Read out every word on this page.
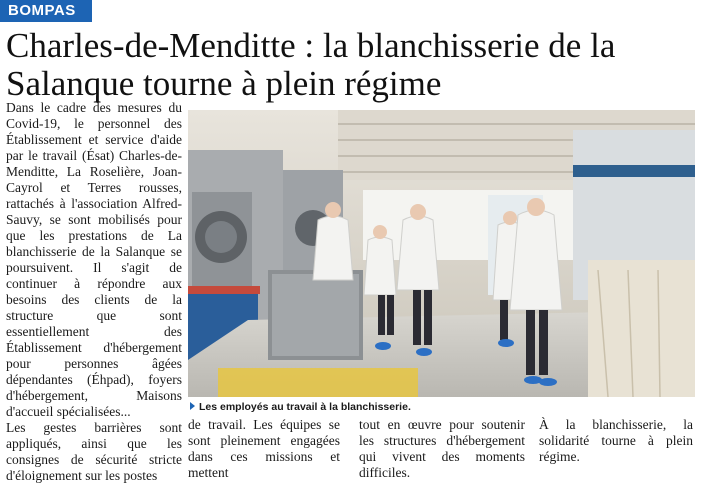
BOMPAS
Charles-de-Menditte : la blanchisserie de la Salanque tourne à plein régime

Dans le cadre des mesures du Covid-19, le personnel des Établissement et service d'aide par le travail (Ésat) Charles-de-Menditte, La Roselière, Joan-Cayrol et Terres rousses, rattachés à l'association Alfred-Sauvy, se sont mobilisés pour que les prestations de La blanchisserie de la Salanque se poursuivent. Il s'agit de continuer à répondre aux besoins des clients de la structure que sont essentiellement des Établissement d'hébergement pour personnes âgées dépendantes (Éhpad), foyers d'hébergement, Maisons d'accueil spécialisées...

Les gestes barrières sont appliqués, ainsi que les consignes de sécurité stricte d'éloignement sur les postes

Les employés au travail à la blanchisserie.

de travail. Les équipes se sont pleinement engagées dans ces missions et mettent

tout en œuvre pour soutenir les structures d'hébergement qui vivent des moments difficiles.

À la blanchisserie, la solidarité tourne à plein régime.
